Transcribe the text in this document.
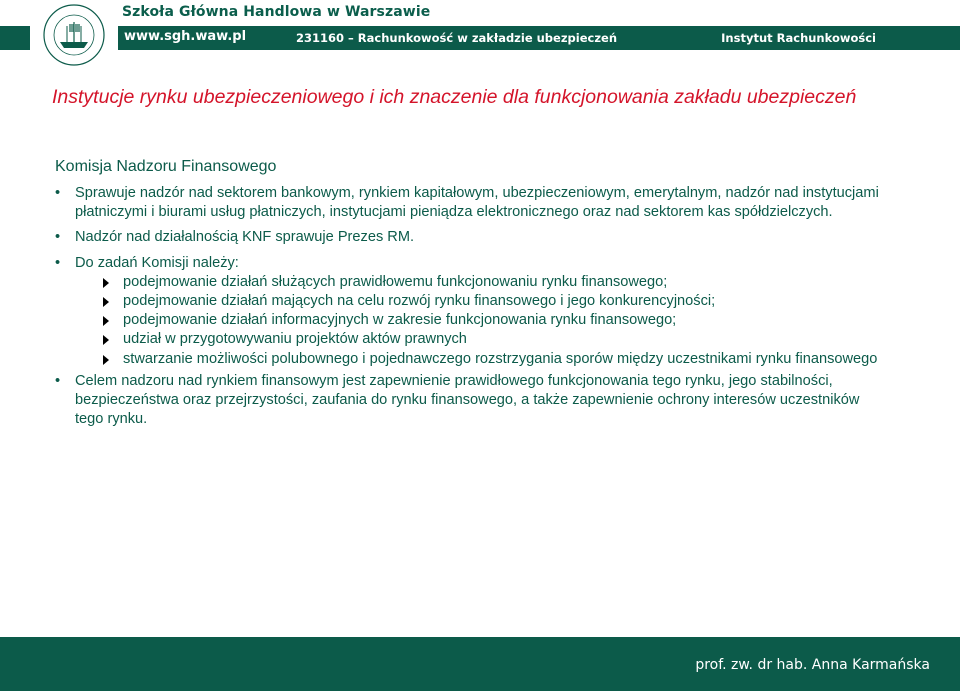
Szkoła Główna Handlowa w Warszawie
www.sgh.waw.pl	231160 – Rachunkowość w zakładzie ubezpieczeń	Instytut Rachunkowości
Instytucje rynku ubezpieczeniowego i ich znaczenie dla funkcjonowania zakładu ubezpieczeń
Komisja Nadzoru Finansowego
• Sprawuje nadzór nad sektorem bankowym, rynkiem kapitałowym, ubezpieczeniowym, emerytalnym, nadzór nad instytucjami płatniczymi i biurami usług płatniczych, instytucjami pieniądza elektronicznego oraz nad sektorem kas spółdzielczych.
• Nadzór nad działalnością KNF sprawuje Prezes RM.
• Do zadań Komisji należy:
podejmowanie działań służących prawidłowemu funkcjonowaniu rynku finansowego;
podejmowanie działań mających na celu rozwój rynku finansowego i jego konkurencyjności;
podejmowanie działań informacyjnych w zakresie funkcjonowania rynku finansowego;
udział w przygotowywaniu projektów aktów prawnych
stwarzanie możliwości polubownego i pojednawczego rozstrzygania sporów między uczestnikami rynku finansowego
• Celem nadzoru nad rynkiem finansowym jest zapewnienie prawidłowego funkcjonowania tego rynku, jego stabilności, bezpieczeństwa oraz przejrzystości, zaufania do rynku finansowego, a także zapewnienie ochrony interesów uczestników tego rynku.
prof. zw. dr hab. Anna Karmańska
